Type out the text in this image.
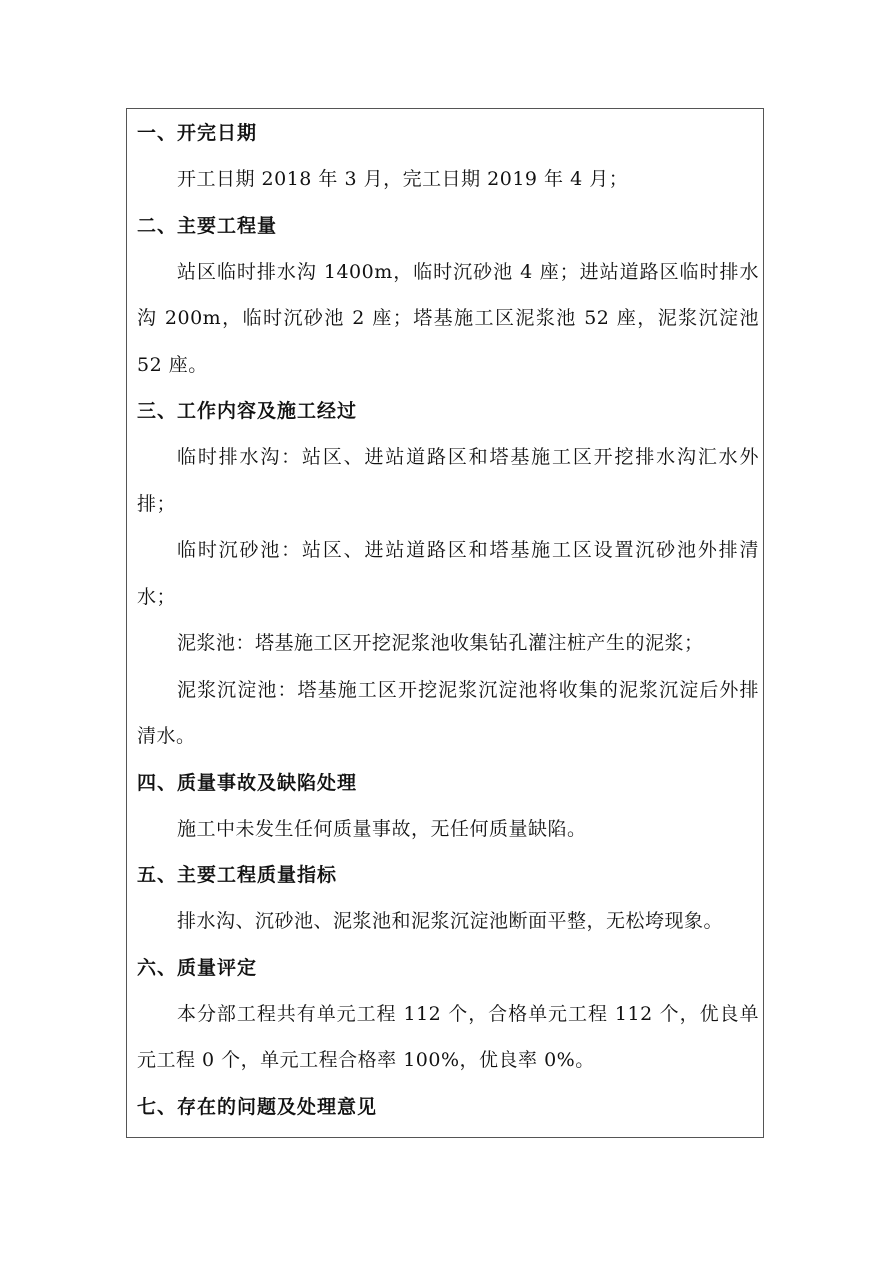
一、开完日期

开工日期 2018 年 3 月，完工日期 2019 年 4 月；

二、主要工程量

站区临时排水沟 1400m，临时沉砂池 4 座；进站道路区临时排水沟 200m，临时沉砂池 2 座；塔基施工区泥浆池 52 座，泥浆沉淀池 52 座。

三、工作内容及施工经过

临时排水沟：站区、进站道路区和塔基施工区开挖排水沟汇水外排；

临时沉砂池：站区、进站道路区和塔基施工区设置沉砂池外排清水；

泥浆池：塔基施工区开挖泥浆池收集钻孔灌注桩产生的泥浆；

泥浆沉淀池：塔基施工区开挖泥浆沉淀池将收集的泥浆沉淀后外排清水。

四、质量事故及缺陷处理

施工中未发生任何质量事故，无任何质量缺陷。

五、主要工程质量指标

排水沟、沉砂池、泥浆池和泥浆沉淀池断面平整，无松垮现象。

六、质量评定

本分部工程共有单元工程 112 个，合格单元工程 112 个，优良单元工程 0 个，单元工程合格率 100%，优良率 0%。

七、存在的问题及处理意见
